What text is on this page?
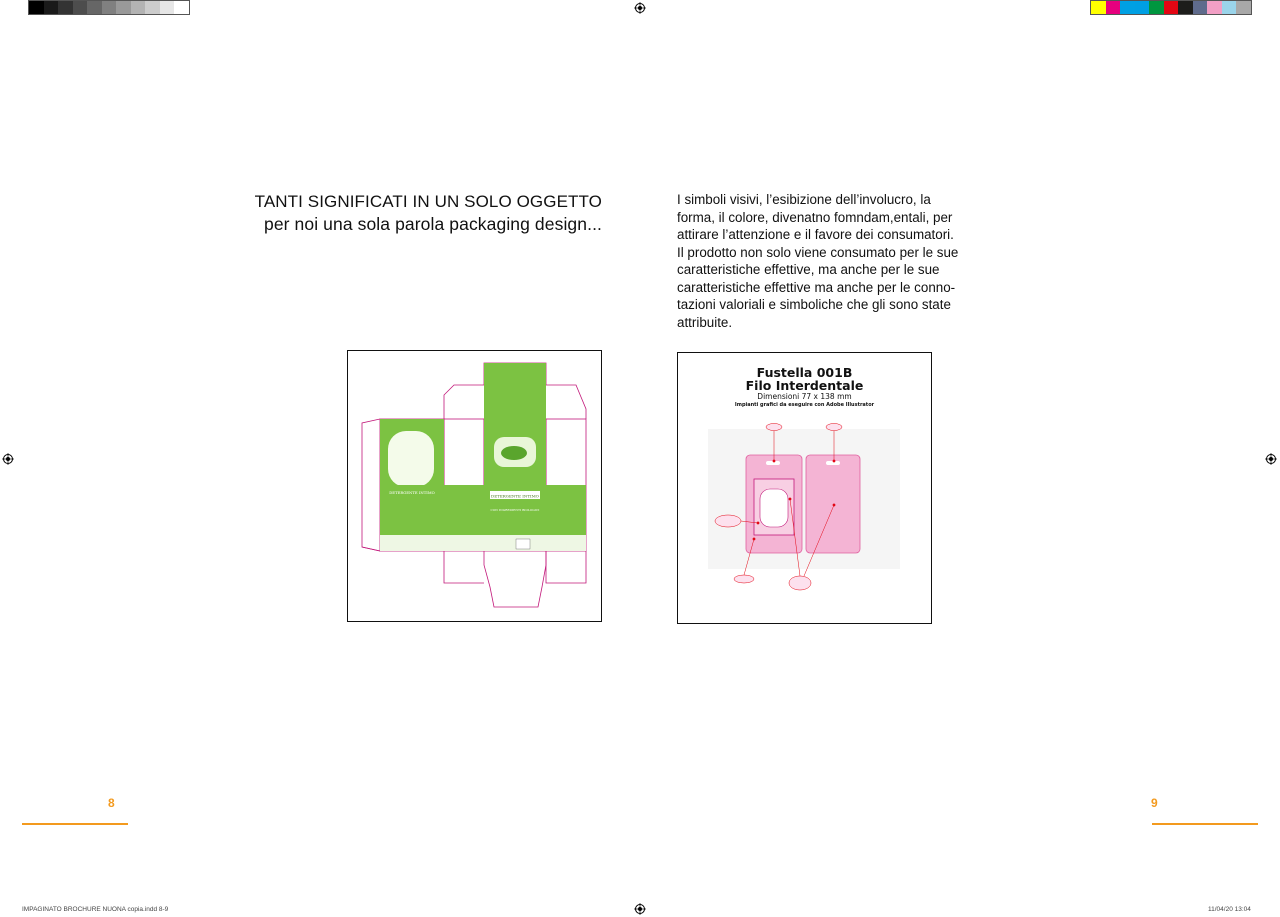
TANTI SIGNIFICATI IN UN SOLO OGGETTO
per noi una sola parola packaging design...

I simboli visivi, l’esibizione dell’involucro, la

forma, il colore, divenatno fomndam,entali, per

attirare l’attenzione e il favore dei consumatori.

Il prodotto non solo viene consumato per le sue

caratteristiche effettive, ma anche per le sue

caratteristiche effettive ma anche per le conno-

tazioni valoriali e simboliche che gli sono state

attribuite.

DETERGENTE INTIMO
DETERGENTE INTIMO
CON INGREDIENTI BIOLOGICI
Fustella 001B
Filo Interdentale
Dimensioni 77 x 138 mm
Impianti grafici da eseguire con Adobe Illustrator
8	9
IMPAGINATO BROCHURE NUONA copia.indd 8-9	11/04/20 13:04
